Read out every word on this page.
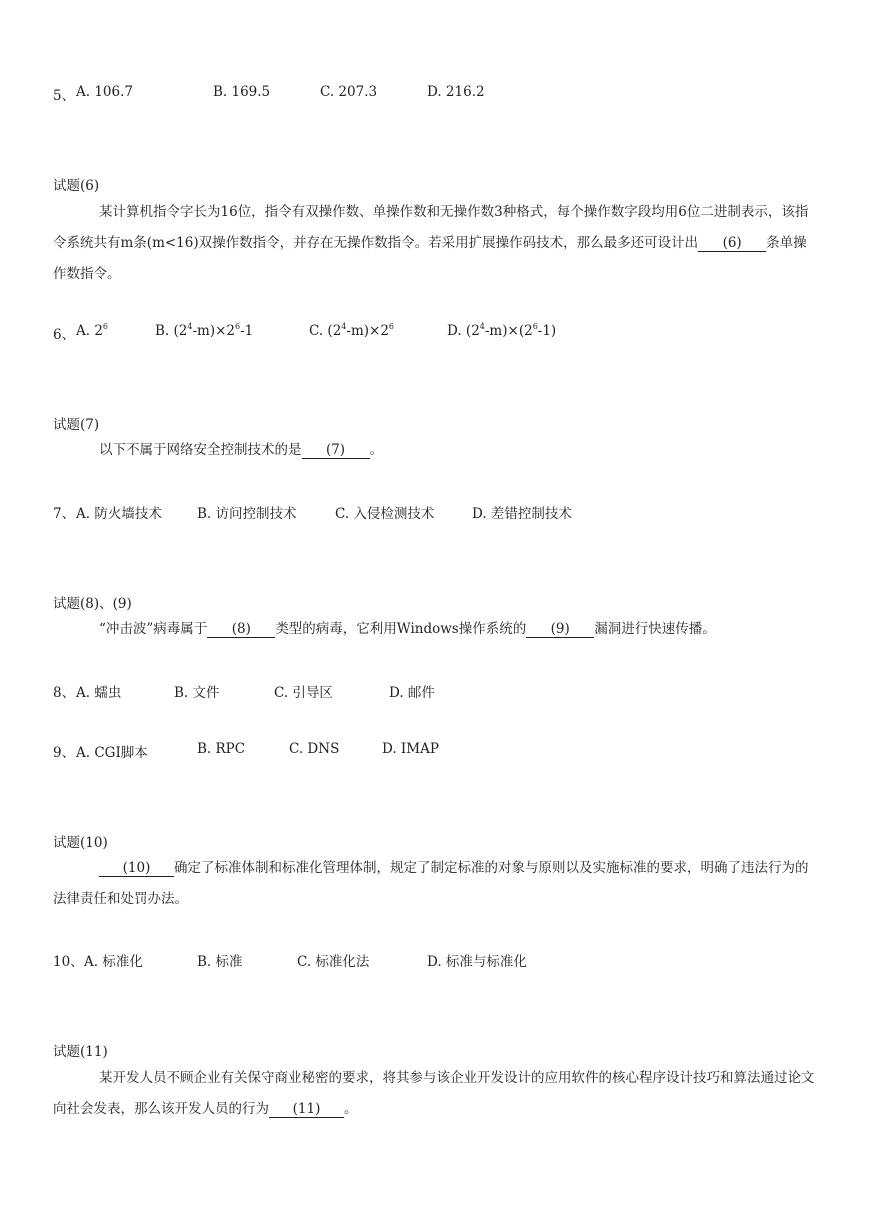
5、 A. 106.7	B. 169.5	C. 207.3	D. 216.2
试题(6)
某计算机指令字长为16位，指令有双操作数、单操作数和无操作数3种格式，每个操作数字段均用6位二进制表示，该指令系统共有m条(m<16)双操作数指令，并存在无操作数指令。若采用扩展操作码技术，那么最多还可设计出 (6) 条单操作数指令。
6、 A. $2^6$	B. $(2^4-m)\times 2^6-1$	C. $(2^4-m)\times 2^6$	D. $(2^4-m)\times(2^6-1)$
试题(7)
以下不属于网络安全控制技术的是 (7) 。
7、 A. 防火墙技术	B. 访问控制技术	C. 入侵检测技术	D. 差错控制技术
试题(8)、(9)
“冲击波”病毒属于 (8) 类型的病毒，它利用Windows操作系统的 (9) 漏洞进行快速传播。
8、 A. 蠕虫	B. 文件	C. 引导区	D. 邮件
9、 A. CGI脚本	B. RPC	C. DNS	D. IMAP
试题(10)
(10) 确定了标准体制和标准化管理体制，规定了制定标准的对象与原则以及实施标准的要求，明确了违法行为的法律责任和处罚办法。
10、 A. 标准化	B. 标准	C. 标准化法	D. 标准与标准化
试题(11)
某开发人员不顾企业有关保守商业秘密的要求，将其参与该企业开发设计的应用软件的核心程序设计技巧和算法通过论文向社会发表，那么该开发人员的行为 (11) 。
